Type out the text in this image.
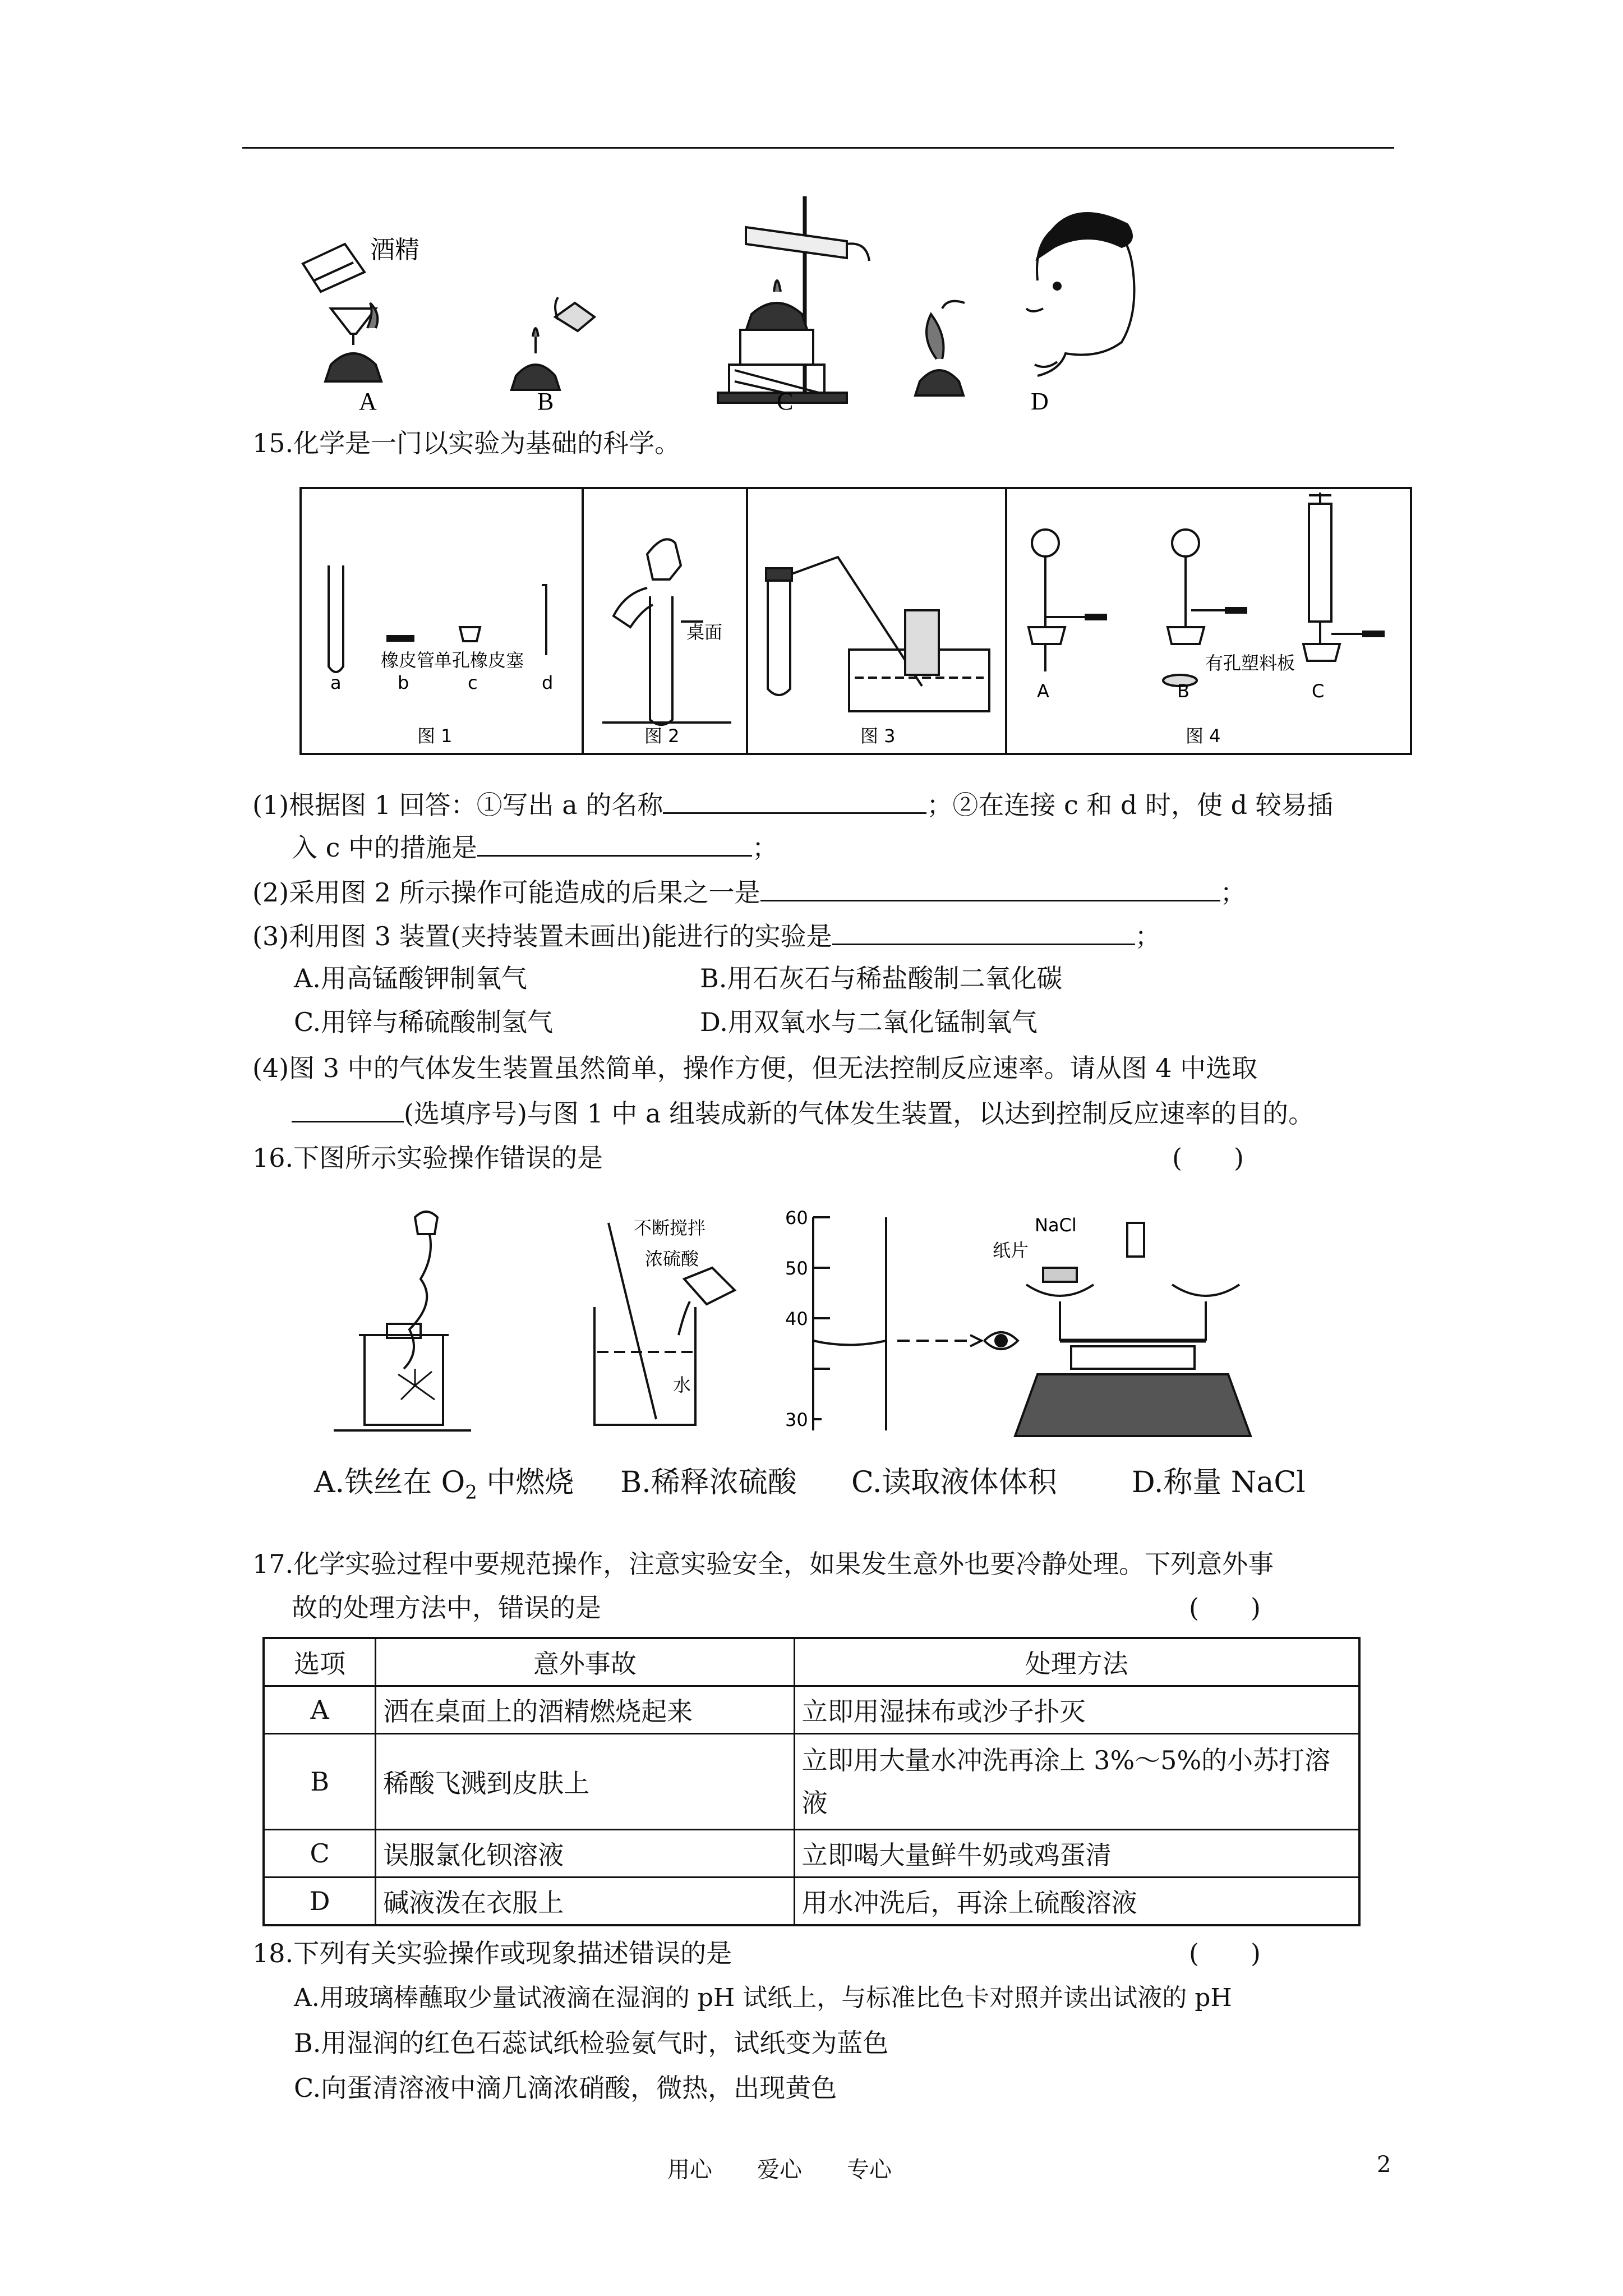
酒精
A	B	C	D
15.化学是一门以实验为基础的科学。
橡皮管
单孔橡皮塞
a	b	c	d
图 1
桌面
图 2	图 3
有孔塑料板
A	B	C
图 4
(1)根据图 1 回答：①写出 a 的名称	；②在连接 c 和 d 时，使 d 较易插
入 c 中的措施是	；
(2)采用图 2 所示操作可能造成的后果之一是	；
(3)利用图 3 装置(夹持装置未画出)能进行的实验是	；
A.用高锰酸钾制氧气	B.用石灰石与稀盐酸制二氧化碳
C.用锌与稀硫酸制氢气	D.用双氧水与二氧化锰制氧气
(4)图 3 中的气体发生装置虽然简单，操作方便，但无法控制反应速率。请从图 4 中选取
(选填序号)与图 1 中 a 组装成新的气体发生装置，以达到控制反应速率的目的。
16.下图所示实验操作错误的是	(　　)
60
50
40
30
不断搅拌
浓硫酸
水
纸片
NaCl
A.铁丝在 $O_2$ 中燃烧 B.稀释浓硫酸 C.读取液体体积	D.称量 NaCl
17.化学实验过程中要规范操作，注意实验安全，如果发生意外也要冷静处理。下列意外事
故的处理方法中，错误的是	(　　)
选项	意外事故	处理方法
A	洒在桌面上的酒精燃烧起来	立即用湿抹布或沙子扑灭
B	稀酸飞溅到皮肤上	立即用大量水冲洗再涂上 3%～5%的小苏打溶液
C	误服氯化钡溶液	立即喝大量鲜牛奶或鸡蛋清
D	碱液泼在衣服上	用水冲洗后，再涂上硫酸溶液
18.下列有关实验操作或现象描述错误的是	(　　)
A.用玻璃棒蘸取少量试液滴在湿润的 pH 试纸上，与标准比色卡对照并读出试液的 pH
B.用湿润的红色石蕊试纸检验氨气时，试纸变为蓝色
C.向蛋清溶液中滴几滴浓硝酸，微热，出现黄色
用心　　爱心　　专心	2
